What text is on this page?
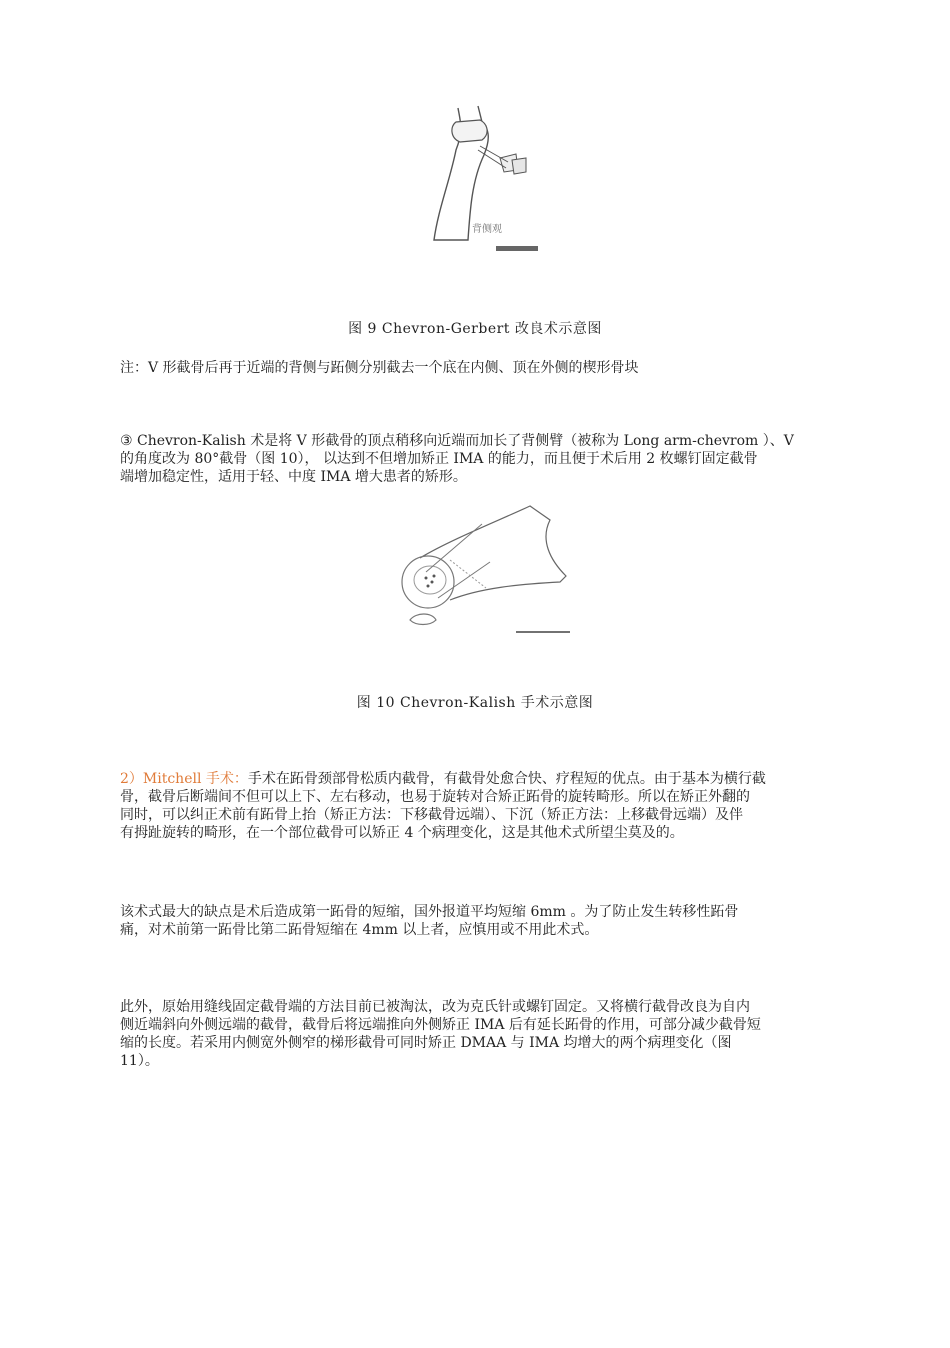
背侧观
图 9 Chevron-Gerbert 改良术示意图
注：V 形截骨后再于近端的背侧与跖侧分别截去一个底在内侧、顶在外侧的楔形骨块
③ Chevron-Kalish 术是将 V 形截骨的顶点稍移向近端而加长了背侧臂（被称为 Long arm-chevrom ）、V
的角度改为 80°截骨（图 10）， 以达到不但增加矫正 IMA 的能力，而且便于术后用 2 枚螺钉固定截骨
端增加稳定性，适用于轻、中度 IMA 增大患者的矫形。
图 10 Chevron-Kalish 手术示意图
2）Mitchell 手术：手术在跖骨颈部骨松质内截骨，有截骨处愈合快、疗程短的优点。由于基本为横行截
骨，截骨后断端间不但可以上下、左右移动，也易于旋转对合矫正跖骨的旋转畸形。所以在矫正外翻的
同时，可以纠正术前有跖骨上抬（矫正方法：下移截骨远端）、下沉（矫正方法：上移截骨远端）及伴
有拇趾旋转的畸形，在一个部位截骨可以矫正 4 个病理变化，这是其他术式所望尘莫及的。
该术式最大的缺点是术后造成第一跖骨的短缩，国外报道平均短缩 6mm 。为了防止发生转移性跖骨
痛，对术前第一跖骨比第二跖骨短缩在 4mm 以上者，应慎用或不用此术式。
此外，原始用缝线固定截骨端的方法目前已被淘汰，改为克氏针或螺钉固定。又将横行截骨改良为自内
侧近端斜向外侧远端的截骨，截骨后将远端推向外侧矫正 IMA 后有延长跖骨的作用，可部分减少截骨短
缩的长度。若采用内侧宽外侧窄的梯形截骨可同时矫正 DMAA 与 IMA 均增大的两个病理变化（图
11）。
